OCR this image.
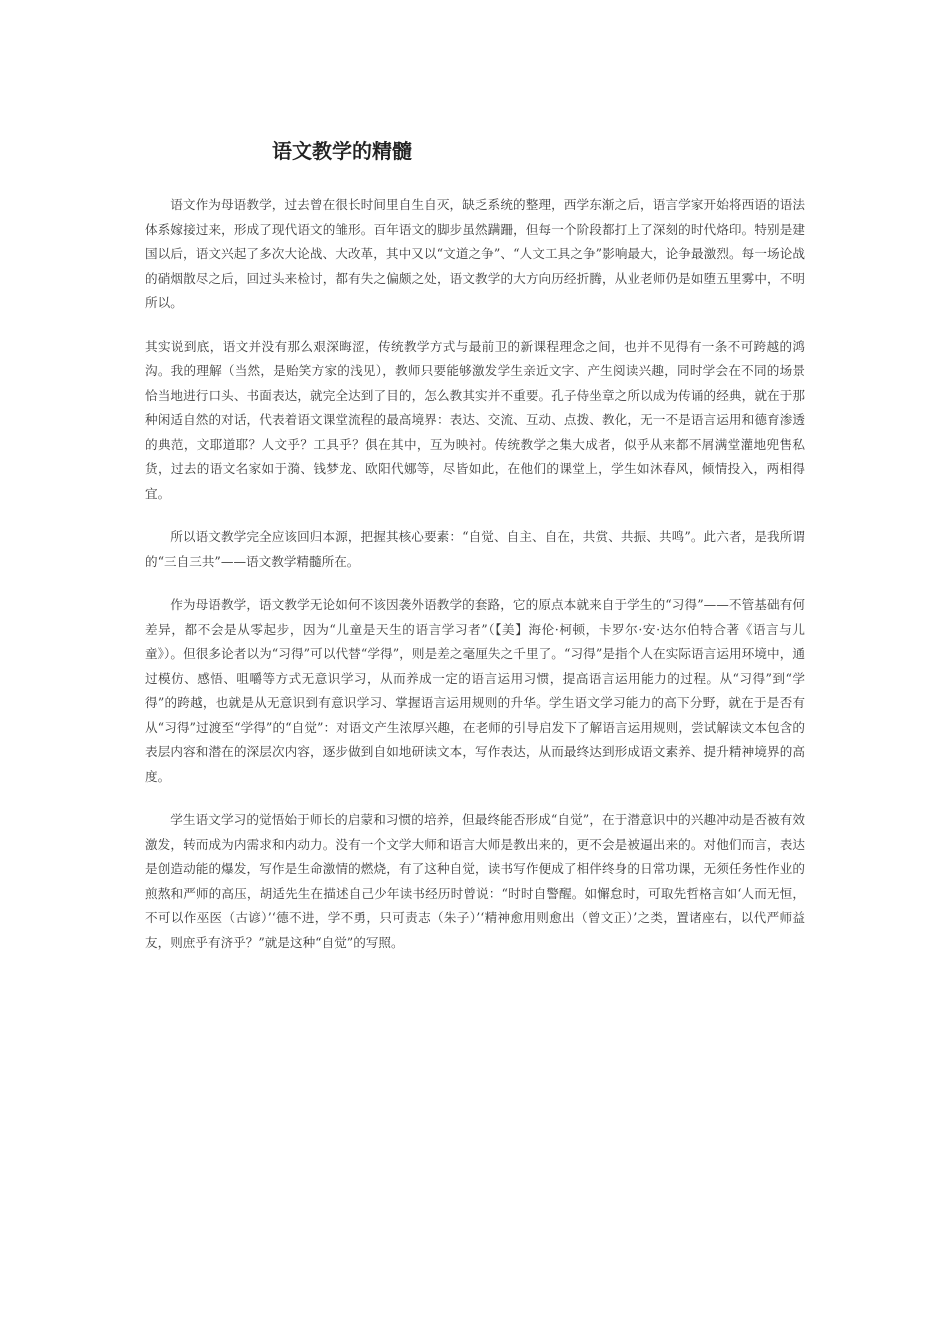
语文教学的精髓

语文作为母语教学，过去曾在很长时间里自生自灭，缺乏系统的整理，西学东渐之后，语言学家开始将西语的语法体系嫁接过来，形成了现代语文的雏形。百年语文的脚步虽然蹒跚，但每一个阶段都打上了深刻的时代烙印。特别是建国以后，语文兴起了多次大论战、大改革，其中又以“文道之争”、“人文工具之争”影响最大，论争最激烈。每一场论战的硝烟散尽之后，回过头来检讨，都有失之偏颇之处，语文教学的大方向历经折腾，从业老师仍是如堕五里雾中，不明所以。

其实说到底，语文并没有那么艰深晦涩，传统教学方式与最前卫的新课程理念之间，也并不见得有一条不可跨越的鸿沟。我的理解（当然，是贻笑方家的浅见），教师只要能够激发学生亲近文字、产生阅读兴趣，同时学会在不同的场景恰当地进行口头、书面表达，就完全达到了目的，怎么教其实并不重要。孔子侍坐章之所以成为传诵的经典，就在于那种闲适自然的对话，代表着语文课堂流程的最高境界：表达、交流、互动、点拨、教化，无一不是语言运用和德育渗透的典范，文耶道耶？人文乎？工具乎？俱在其中，互为映衬。传统教学之集大成者，似乎从来都不屑满堂灌地兜售私货，过去的语文名家如于漪、钱梦龙、欧阳代娜等，尽皆如此，在他们的课堂上，学生如沐春风，倾情投入，两相得宜。

所以语文教学完全应该回归本源，把握其核心要素：“自觉、自主、自在，共赏、共振、共鸣”。此六者，是我所谓的“三自三共”——语文教学精髓所在。

作为母语教学，语文教学无论如何不该因袭外语教学的套路，它的原点本就来自于学生的“习得”——不管基础有何差异，都不会是从零起步，因为“儿童是天生的语言学习者”（【美】海伦·柯顿，卡罗尔·安·达尔伯特合著《语言与儿童》）。但很多论者以为“习得”可以代替“学得”，则是差之毫厘失之千里了。“习得”是指个人在实际语言运用环境中，通过模仿、感悟、咀嚼等方式无意识学习，从而养成一定的语言运用习惯，提高语言运用能力的过程。从“习得”到“学得”的跨越，也就是从无意识到有意识学习、掌握语言运用规则的升华。学生语文学习能力的高下分野，就在于是否有从“习得”过渡至“学得”的“自觉”：对语文产生浓厚兴趣，在老师的引导启发下了解语言运用规则，尝试解读文本包含的表层内容和潜在的深层次内容，逐步做到自如地研读文本，写作表达，从而最终达到形成语文素养、提升精神境界的高度。

学生语文学习的觉悟始于师长的启蒙和习惯的培养，但最终能否形成“自觉”，在于潜意识中的兴趣冲动是否被有效激发，转而成为内需求和内动力。没有一个文学大师和语言大师是教出来的，更不会是被逼出来的。对他们而言，表达是创造动能的爆发，写作是生命激情的燃烧，有了这种自觉，读书写作便成了相伴终身的日常功课，无须任务性作业的煎熬和严师的高压，胡适先生在描述自己少年读书经历时曾说：“时时自警醒。如懈怠时，可取先哲格言如‘人而无恒，不可以作巫医（古谚）’‘德不进，学不勇，只可责志（朱子）’‘精神愈用则愈出（曾文正）’之类，置诸座右，以代严师益友，则庶乎有济乎？”就是这种“自觉”的写照。
